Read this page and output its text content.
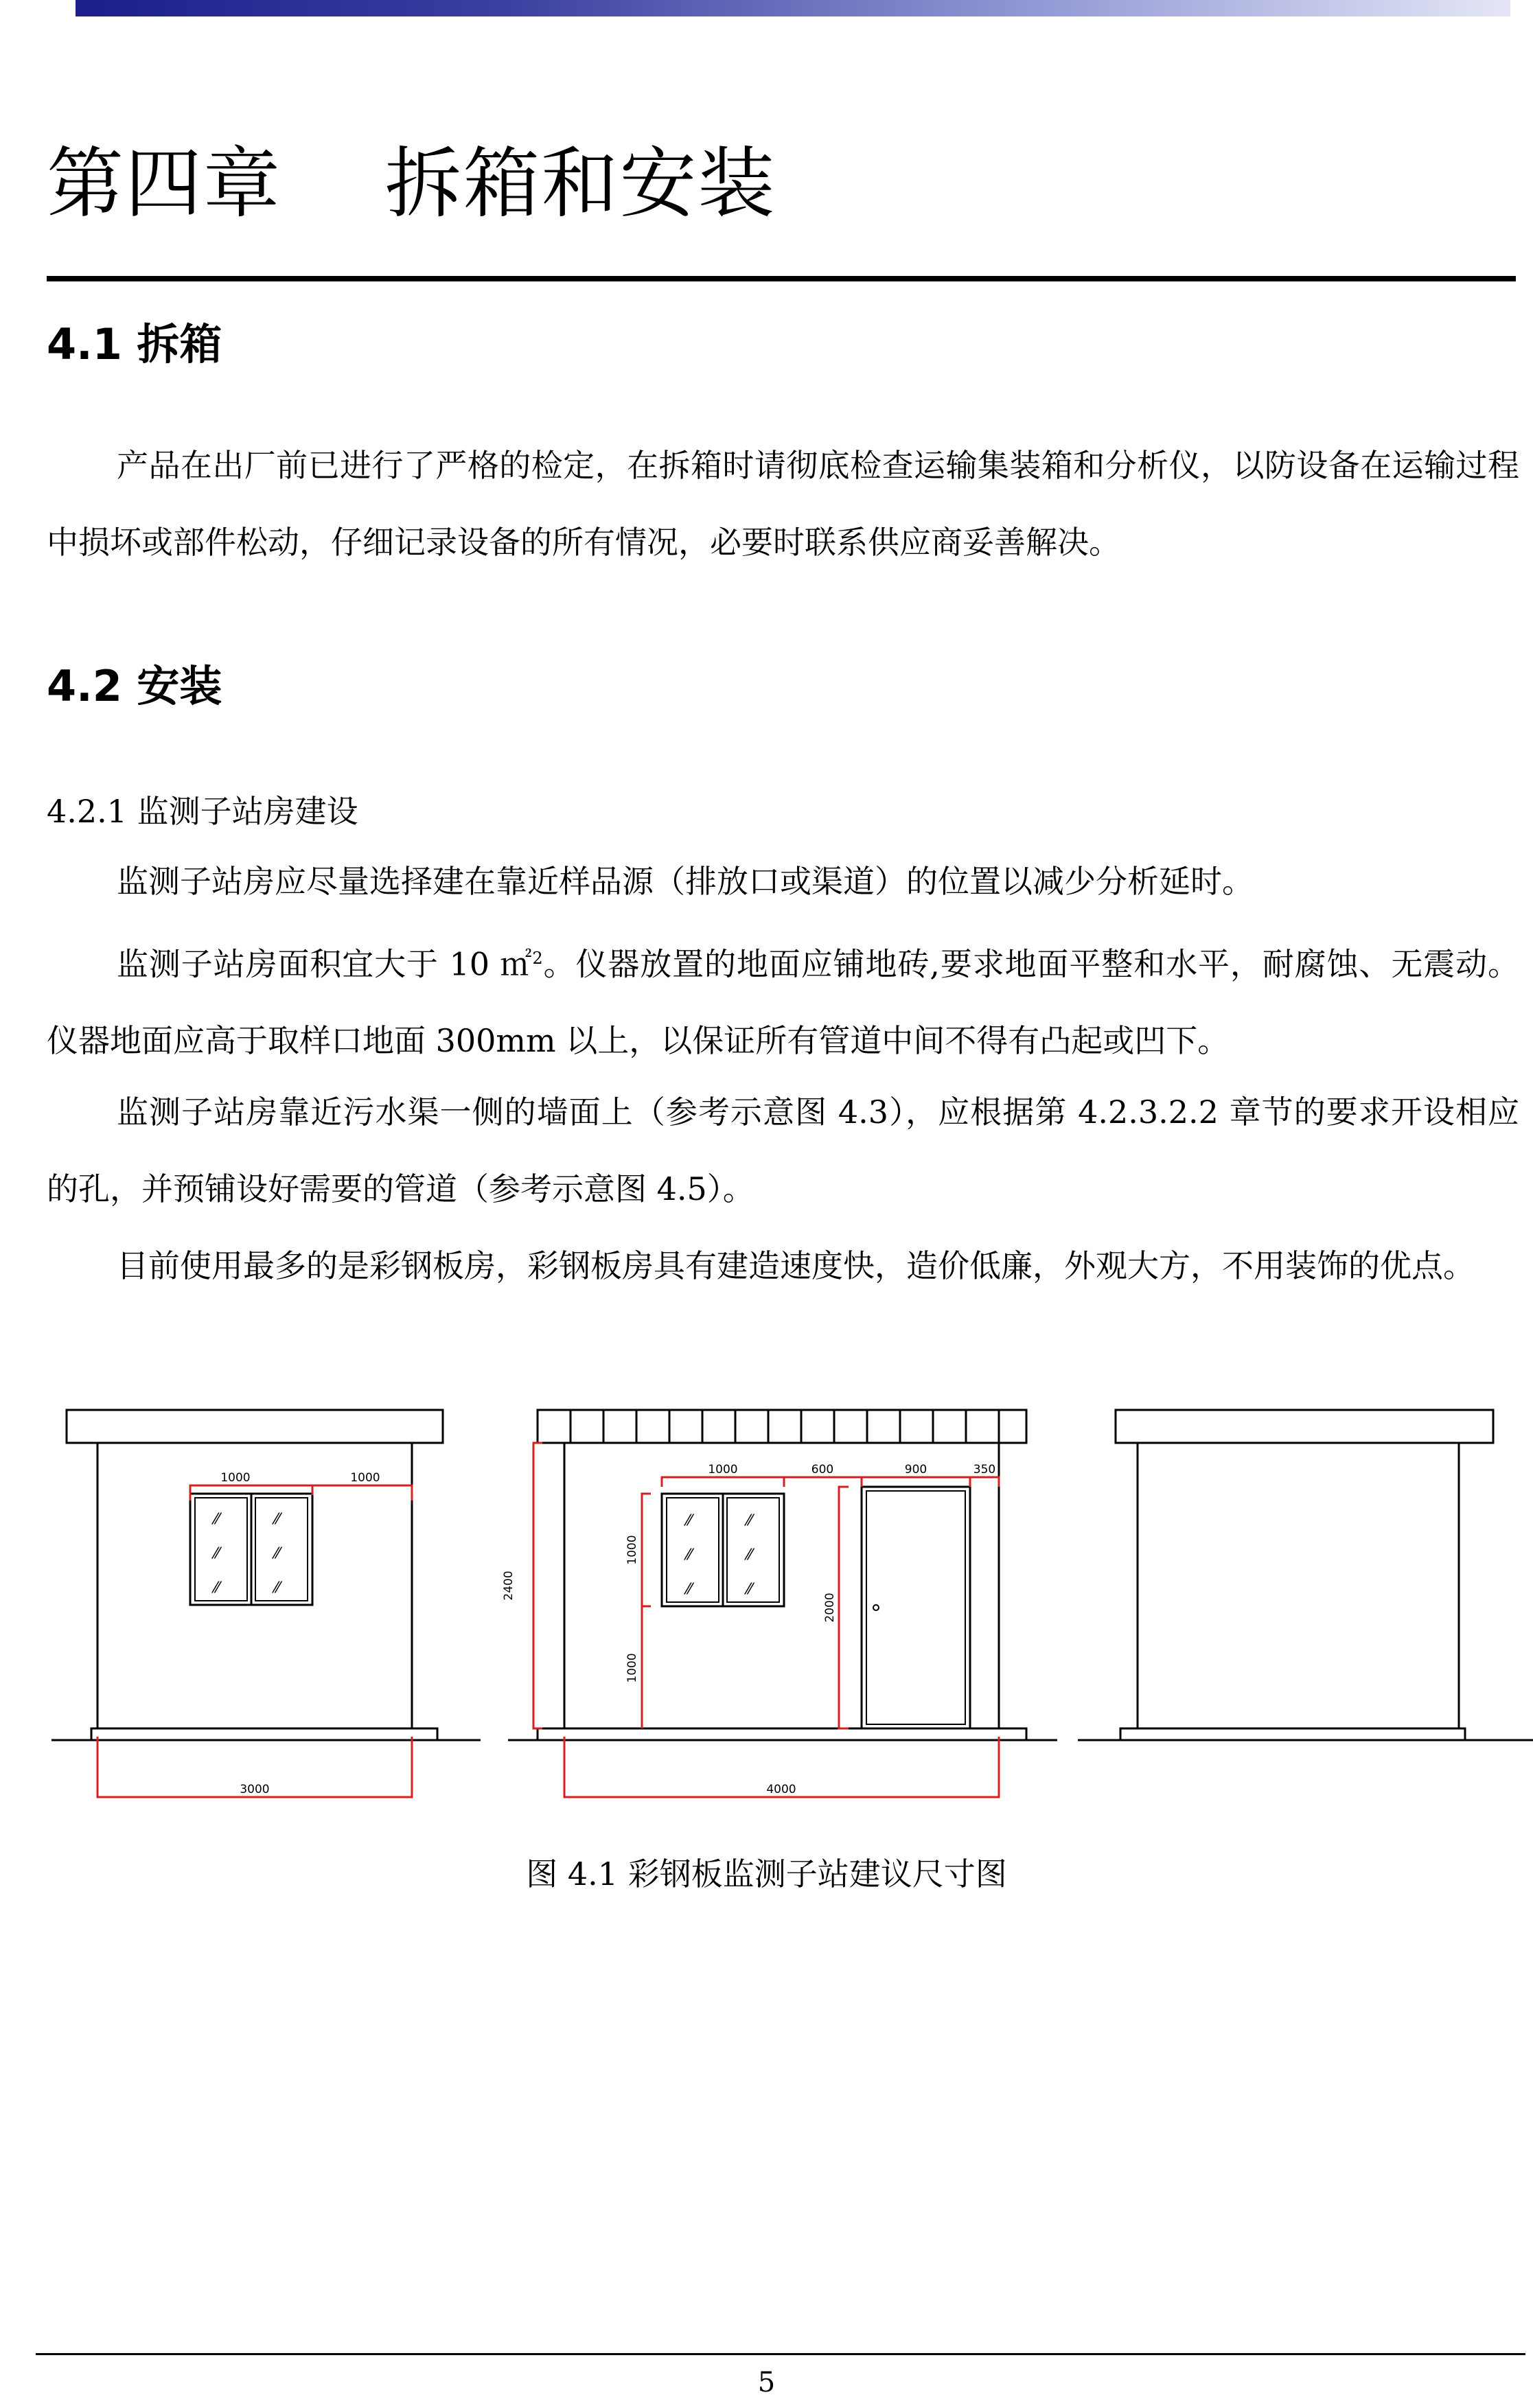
第四章    拆箱和安装
4.1 拆箱
产品在出厂前已进行了严格的检定，在拆箱时请彻底检查运输集装箱和分析仪，以防设备在运输过程中损坏或部件松动，仔细记录设备的所有情况，必要时联系供应商妥善解决。
4.2 安装
4.2.1 监测子站房建设
监测子站房应尽量选择建在靠近样品源（排放口或渠道）的位置以减少分析延时。
监测子站房面积宜大于 10 ㎡$^2$。仪器放置的地面应铺地砖,要求地面平整和水平，耐腐蚀、无震动。仪器地面应高于取样口地面 300mm 以上，以保证所有管道中间不得有凸起或凹下。
监测子站房靠近污水渠一侧的墙面上（参考示意图 4.3），应根据第 4.2.3.2.2 章节的要求开设相应的孔，并预铺设好需要的管道（参考示意图 4.5）。
目前使用最多的是彩钢板房，彩钢板房具有建造速度快，造价低廉，外观大方，不用装饰的优点。
⁄⁄	⁄⁄
⁄⁄	⁄⁄
⁄⁄	⁄⁄
⁄⁄	⁄⁄
⁄⁄	⁄⁄
⁄⁄	⁄⁄
1000	1000
3000
1000	600	900	350
4000
2400
1000
1000
2000
图 4.1 彩钢板监测子站建议尺寸图
5
